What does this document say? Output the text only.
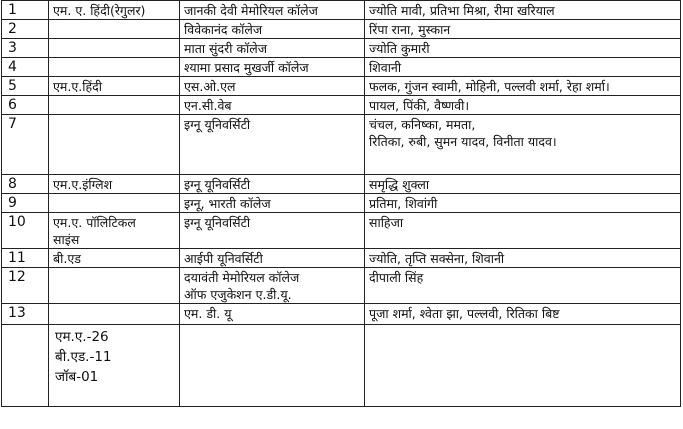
1	एम. ए. हिंदी(रेगुलर)	जानकी देवी मेमोरियल कॉलेज	ज्योति मावी, प्रतिभा मिश्रा, रीमा खरियाल

2		विवेकानंद कॉलेज	रिंपा राना, मुस्कान

3		माता सुंदरी कॉलेज	ज्योति कुमारी

4		श्यामा प्रसाद मुखर्जी कॉलेज	शिवानी

5	एम.ए.हिंदी	एस.ओ.एल	फलक, गुंजन स्वामी, मोहिनी, पल्लवी शर्मा, रेहा शर्मा।

6		एन.सी.वेब	पायल, पिंकी, वैष्णवी।

7		इग्नू यूनिवर्सिटी	चंचल, कनिष्का, ममता,
रितिका, रुबी, सुमन यादव, विनीता यादव।

8	एम.ए.इंग्लिश	इग्नू यूनिवर्सिटी	समृद्धि शुक्ला

9		इग्नू, भारती कॉलेज	प्रतिमा, शिवांगी

10	एम.ए. पॉलिटिकल
साइंस	इग्नू यूनिवर्सिटी	साहिजा

11	बी.एड	आईपी यूनिवर्सिटी	ज्योति, तृप्ति सक्सेना, शिवानी

12		दयावंती मेमोरियल कॉलेज
ऑफ एजुकेशन ए.डी.यू.	दीपाली सिंह

13		एम. डी. यू	पूजा शर्मा, श्वेता झा, पल्लवी, रितिका बिष्ट

	एम.ए.-26
बी.एड.-11
जॉब-01		
